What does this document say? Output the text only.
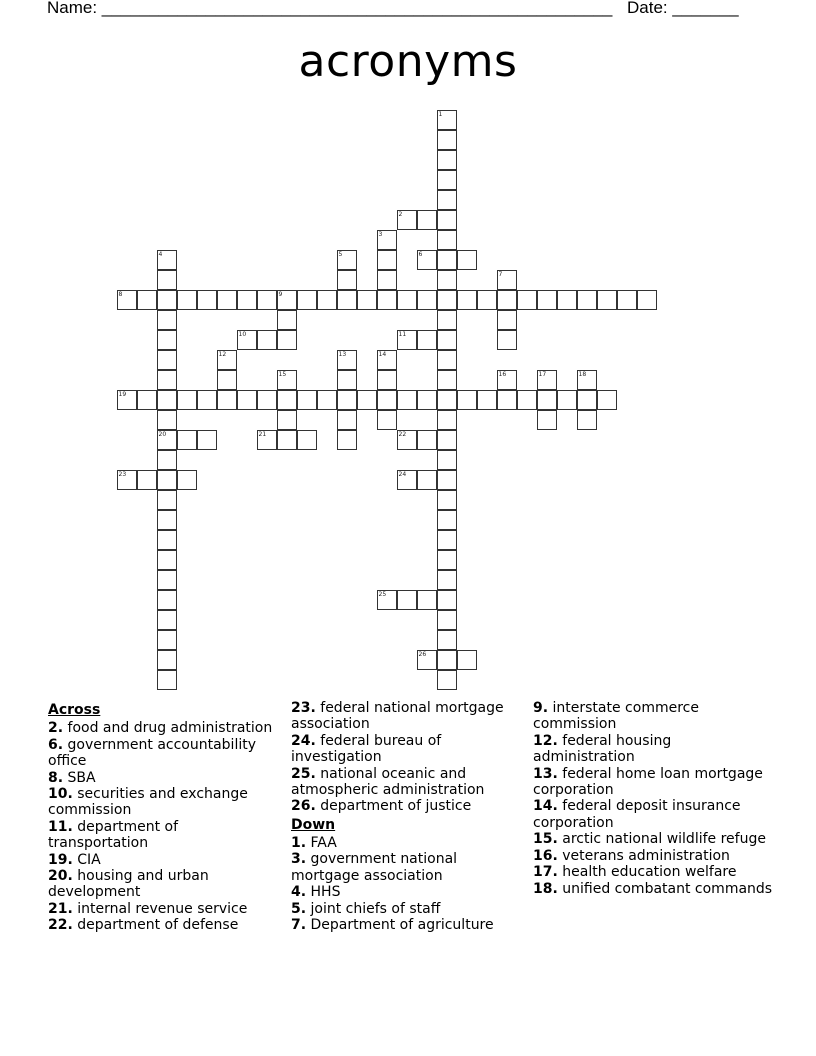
Name: ______________________________________________________ Date: _______
acronyms
1
2
3
4
20
5	6
7
8	9
10	11
12	13	14
15	16	17	18
19
21	22
23	24
25
26
Across
2. food and drug administration
6. government accountability office
8. SBA
10. securities and exchange commission
11. department of transportation
19. CIA
20. housing and urban development
21. internal revenue service
22. department of defense
23. federal national mortgage association
24. federal bureau of investigation
25. national oceanic and atmospheric administration
26. department of justice
Down
1. FAA
3. government national mortgage association
4. HHS
5. joint chiefs of staff
7. Department of agriculture
9. interstate commerce commission
12. federal housing administration
13. federal home loan mortgage corporation
14. federal deposit insurance corporation
15. arctic national wildlife refuge
16. veterans administration
17. health education welfare
18. unified combatant commands
